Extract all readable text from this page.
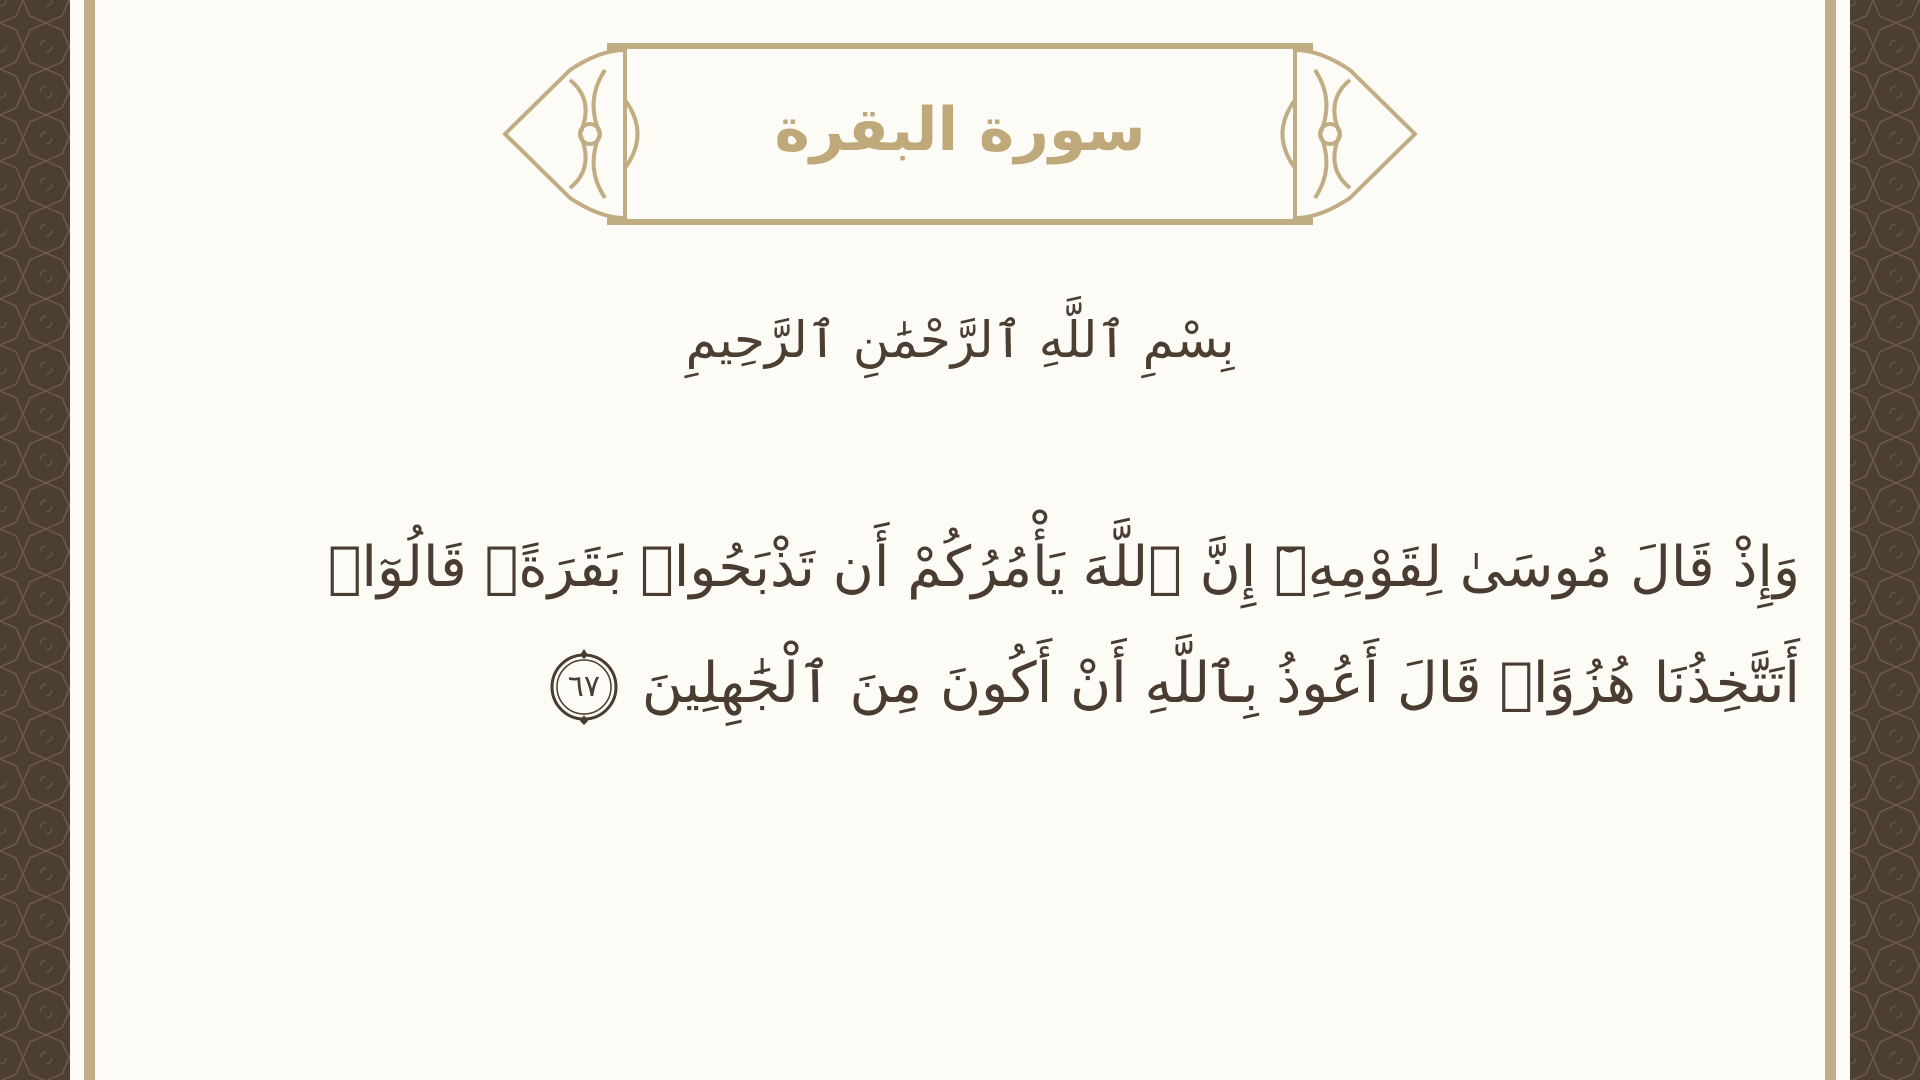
سورة البقرة
بِسْمِ ٱللَّهِ ٱلرَّحْمَٰنِ ٱلرَّحِيمِ
وَإِذْ قَالَ مُوسَىٰ لِقَوْمِهِۦٓ إِنَّ ٱللَّهَ يَأْمُرُكُمْ أَن تَذْبَحُوا۟ بَقَرَةًۖ قَالُوٓا۟
أَتَتَّخِذُنَا هُزُوًاۖ قَالَ أَعُوذُ بِٱللَّهِ أَنْ أَكُونَ مِنَ ٱلْجَٰهِلِينَ
٦٧
